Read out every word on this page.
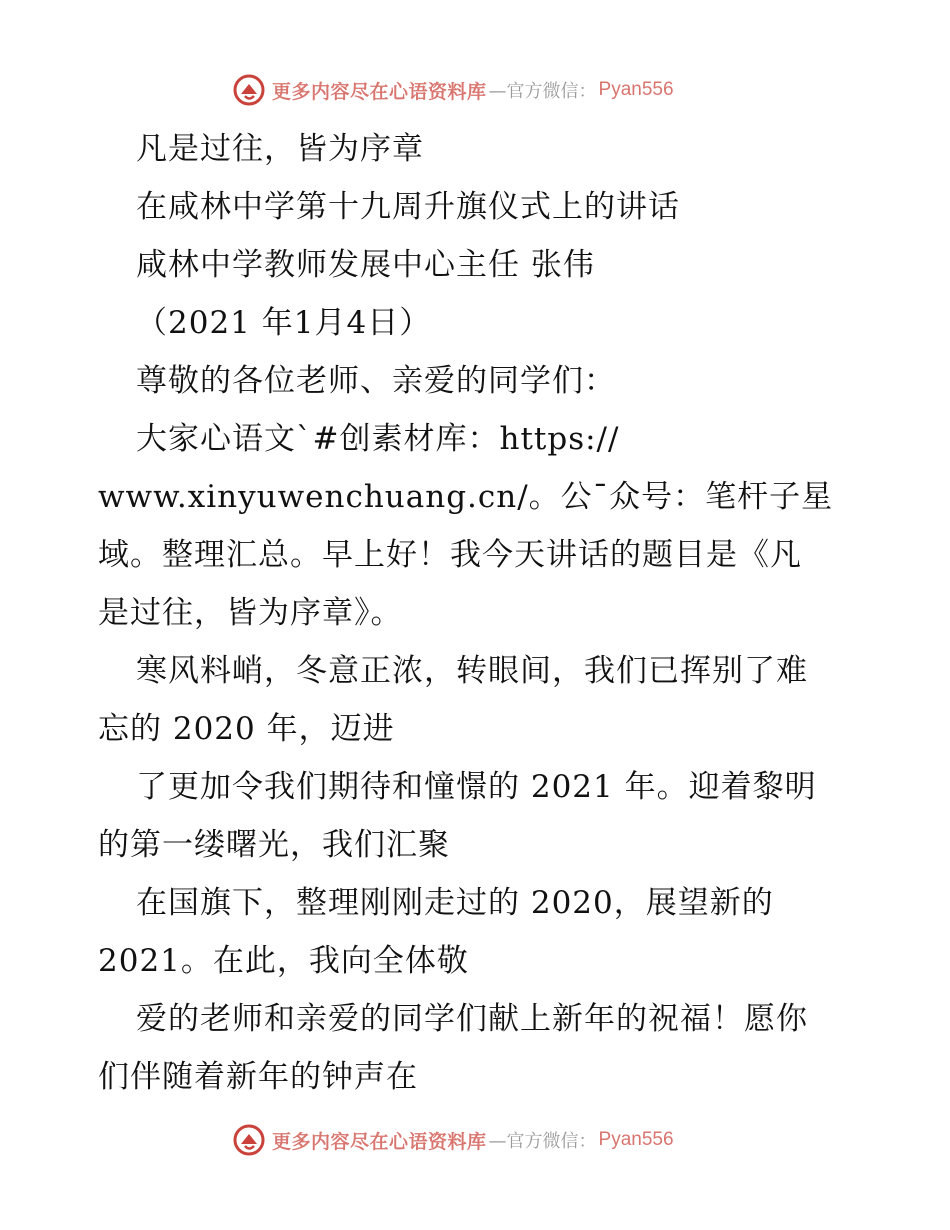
更多内容尽在心语资料库 —官方微信： Pyan556
凡是过往，皆为序章
在咸林中学第十九周升旗仪式上的讲话
咸林中学教师发展中心主任 张伟
（2021 年1月4日）
尊敬的各位老师、亲爱的同学们：
大家心语文`#创素材库：https://
www.xinyuwenchuang.cn/。公¯众号：笔杆子星
域。整理汇总。早上好！我今天讲话的题目是《凡
是过往，皆为序章》。
寒风料峭，冬意正浓，转眼间，我们已挥别了难
忘的 2020 年，迈进
了更加令我们期待和憧憬的 2021 年。迎着黎明
的第一缕曙光，我们汇聚
在国旗下，整理刚刚走过的 2020，展望新的
2021。在此，我向全体敬
爱的老师和亲爱的同学们献上新年的祝福！愿你
们伴随着新年的钟声在
更多内容尽在心语资料库 —官方微信： Pyan556
